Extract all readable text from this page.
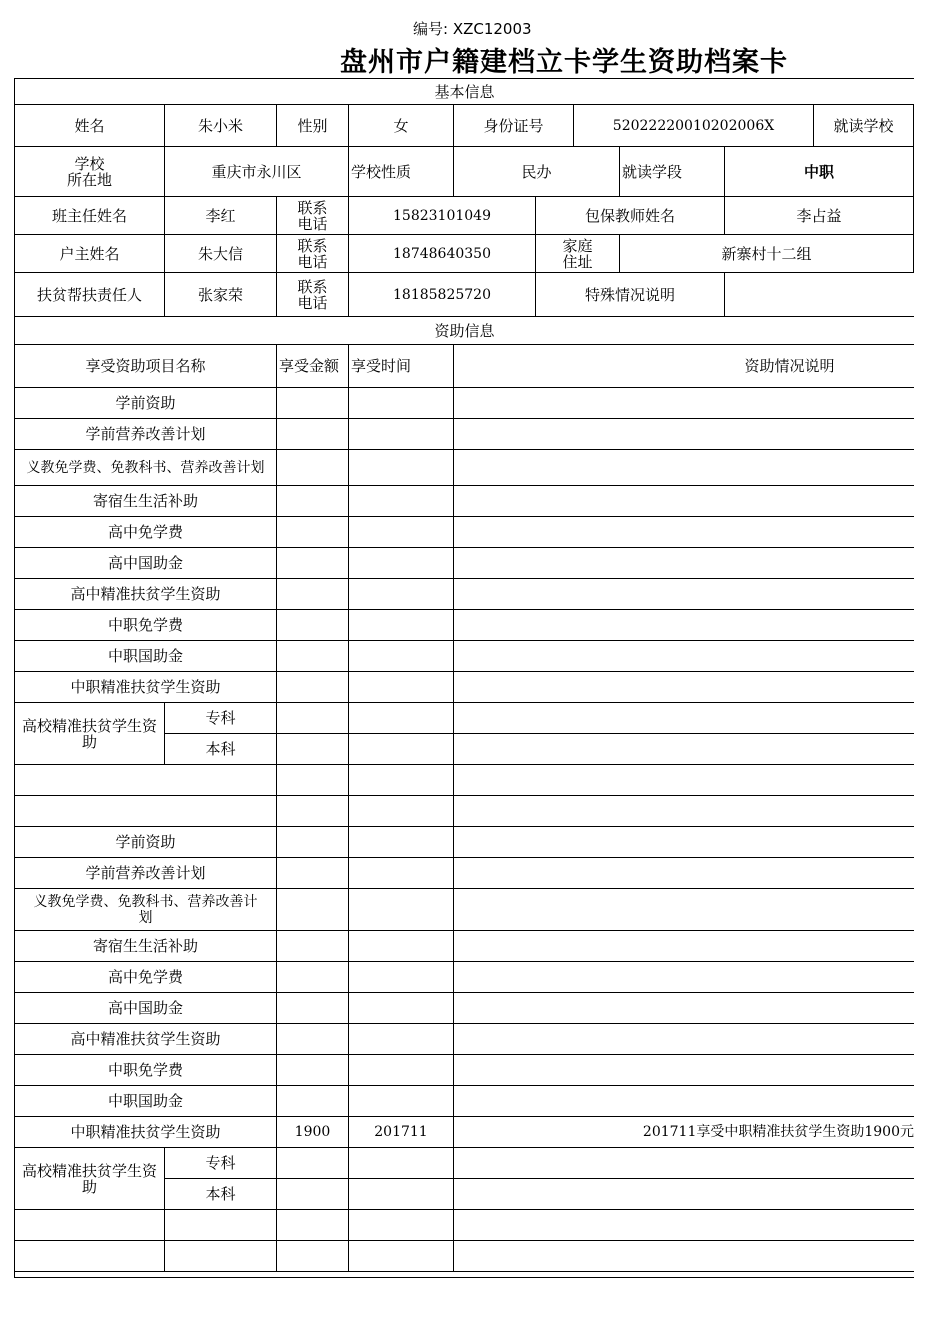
编号: XZC12003
盘州市户籍建档立卡学生资助档案卡
基本信息
姓名	朱小米	性别	女	身份证号	52022220010202006X	就读学校
学校
所在地	重庆市永川区	学校性质	民办	就读学段	中职
班主任姓名	李红	联系
电话	15823101049	包保教师姓名	李占益
户主姓名	朱大信	联系
电话	18748640350	家庭
住址	新寨村十二组
扶贫帮扶责任人	张家荣	联系
电话	18185825720	特殊情况说明
资助信息
享受资助项目名称	享受金额 享受时间	资助情况说明
学前资助
学前营养改善计划
义教免学费、免教科书、营养改善计划
寄宿生生活补助
高中免学费
高中国助金
高中精准扶贫学生资助
中职免学费
中职国助金
中职精准扶贫学生资助
高校精准扶贫学生资
助
专科
本科
学前资助
学前营养改善计划
义教免学费、免教科书、营养改善计
划
寄宿生生活补助
高中免学费
高中国助金
高中精准扶贫学生资助
中职免学费
中职国助金
中职精准扶贫学生资助	1900	201711	201711享受中职精准扶贫学生资助1900元
高校精准扶贫学生资
助
专科
本科
